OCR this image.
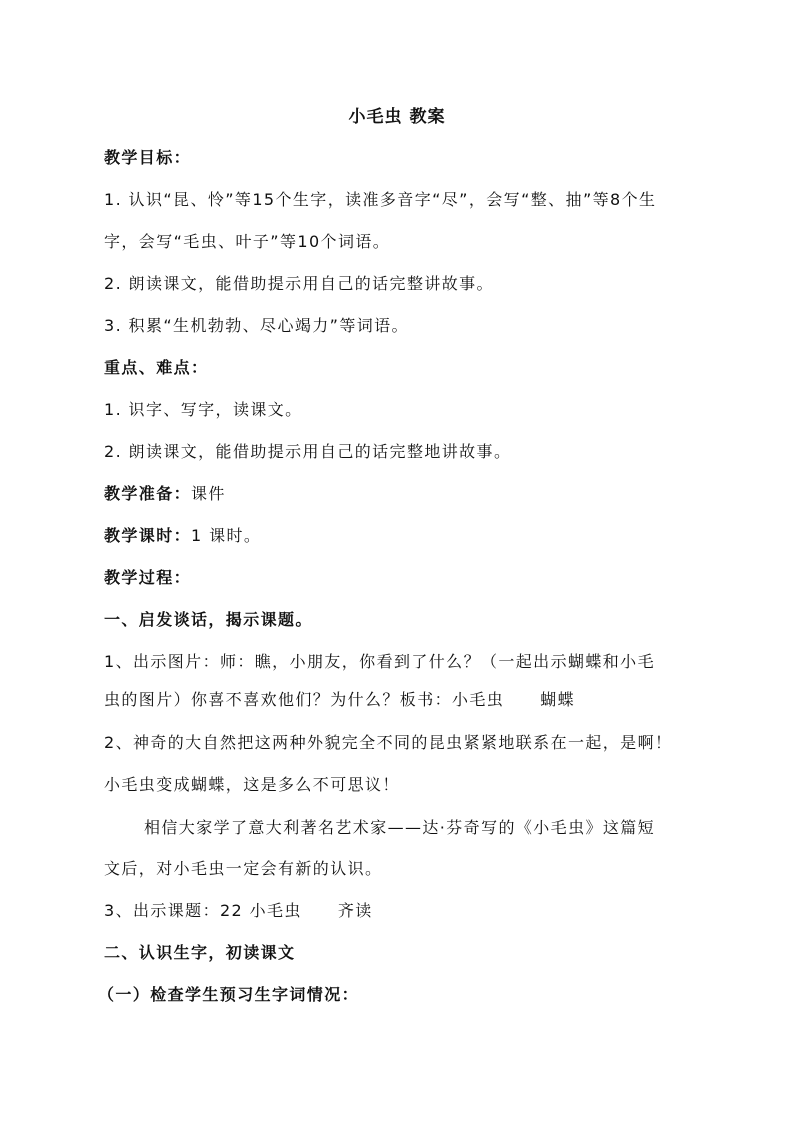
小毛虫 教案
教学目标：
1. 认识“昆、怜”等15个生字，读准多音字“尽”，会写“整、抽”等8个生
字，会写“毛虫、叶子”等10个词语。
2. 朗读课文，能借助提示用自己的话完整讲故事。
3. 积累“生机勃勃、尽心竭力”等词语。
重点、难点：
1. 识字、写字，读课文。
2. 朗读课文，能借助提示用自己的话完整地讲故事。
教学准备：课件
教学课时：1 课时。
教学过程：
一、启发谈话，揭示课题。
1、出示图片：师：瞧，小朋友，你看到了什么？（一起出示蝴蝶和小毛
虫的图片）你喜不喜欢他们？为什么？板书：小毛虫 蝴蝶
2、神奇的大自然把这两种外貌完全不同的昆虫紧紧地联系在一起，是啊！
小毛虫变成蝴蝶，这是多么不可思议！
相信大家学了意大利著名艺术家——达·芬奇写的《小毛虫》这篇短
文后，对小毛虫一定会有新的认识。
3、出示课题：22 小毛虫 齐读
二、认识生字，初读课文
（一）检查学生预习生字词情况：
